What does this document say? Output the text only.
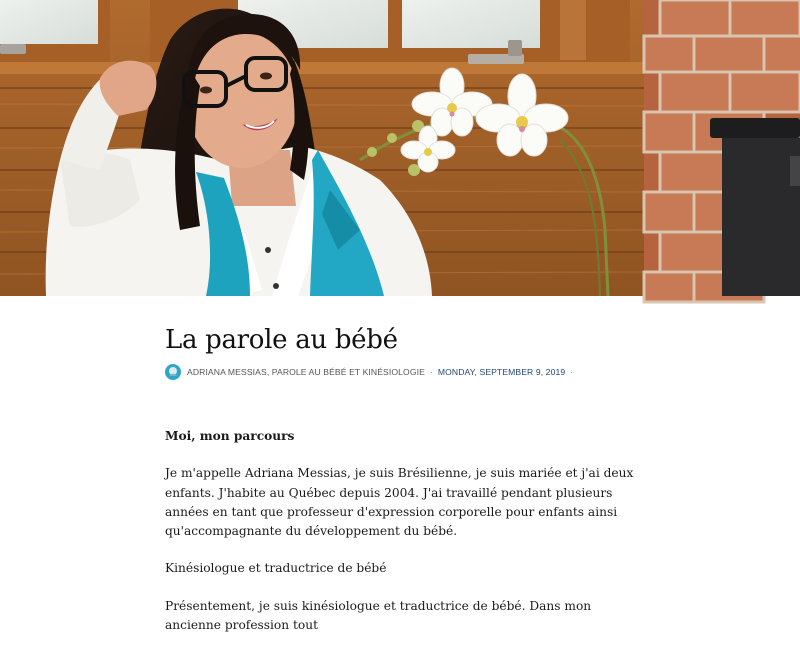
La parole au bébé
ADRIANA MESSIAS, PAROLE AU BÉBÉ ET KINÉSIOLOGIE · MONDAY, SEPTEMBER 9, 2019 ·

Moi, mon parcours

Je m'appelle Adriana Messias, je suis Brésilienne, je suis mariée et j'ai deux enfants. J'habite au Québec depuis 2004. J'ai travaillé pendant plusieurs années en tant que professeur d'expression corporelle pour enfants ainsi qu'accompagnante du développement du bébé.

Kinésiologue et traductrice de bébé

Présentement, je suis kinésiologue et traductrice de bébé. Dans mon ancienne profession tout
